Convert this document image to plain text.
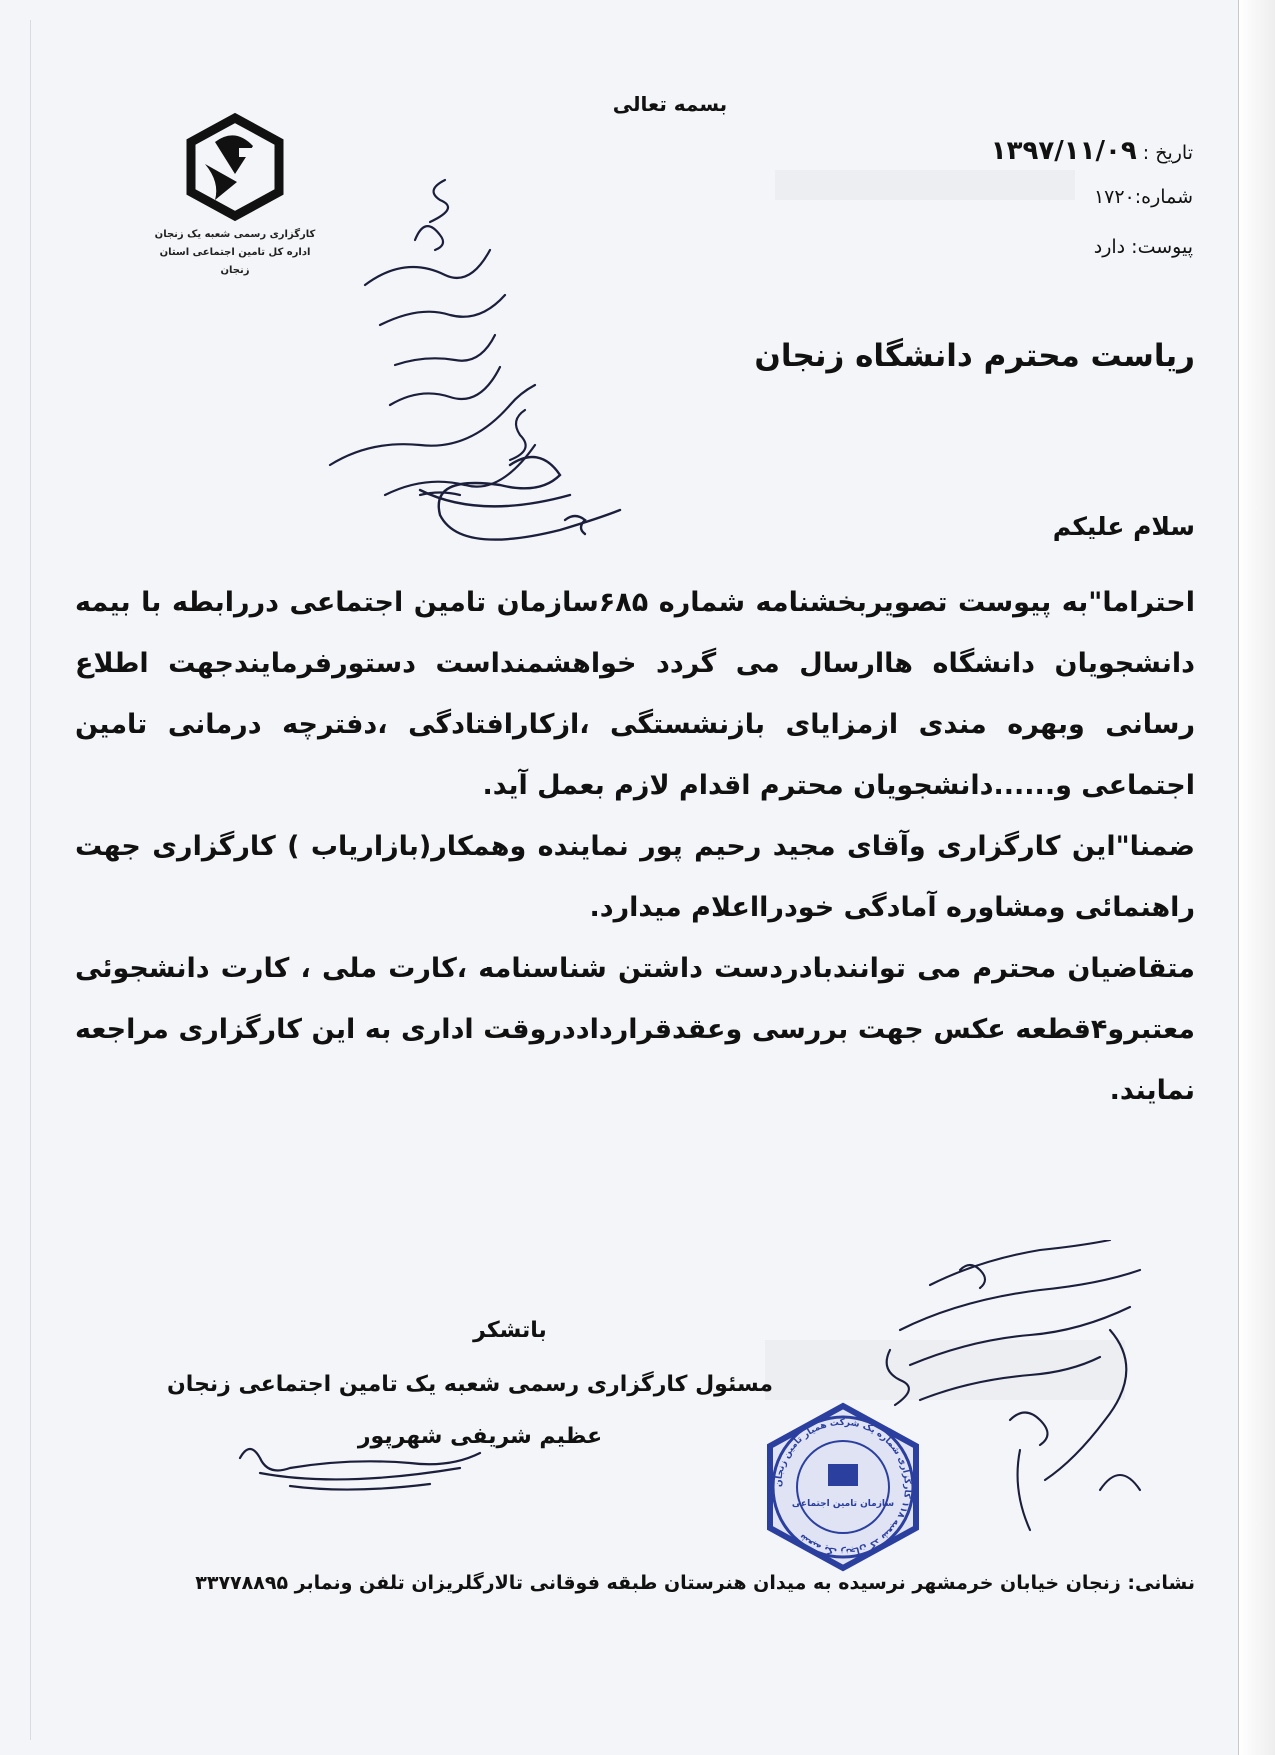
بسمه تعالی
تاریخ : ۱۳۹۷/۱۱/۰۹
شماره:۱۷۲۰
پیوست: دارد
کارگزاری رسمی شعبه یک زنجان
اداره کل تامین اجتماعی استان زنجان
ریاست محترم دانشگاه زنجان
سلام علیکم

احتراما"به پیوست تصویربخشنامه شماره ۶۸۵سازمان تامین اجتماعی دررابطه با بیمه دانشجویان دانشگاه هاارسال می گردد خواهشمنداست دستورفرمایندجهت اطلاع رسانی وبهره مندی ازمزایای بازنشستگی ،ازکارافتادگی ،دفترچه درمانی تامین اجتماعی و......دانشجویان محترم اقدام لازم بعمل آید.

ضمنا"این کارگزاری وآقای مجید رحیم پور نماینده وهمکار(بازاریاب ) کارگزاری جهت راهنمائی ومشاوره آمادگی خودرااعلام میدارد.

متقاضیان محترم می توانندبادردست داشتن شناسنامه ،کارت ملی ، کارت دانشجوئی معتبرو۴قطعه عکس جهت بررسی وعقدقرارداددروقت اداری به این کارگزاری مراجعه نمایند.

باتشکر
مسئول کارگزاری رسمی شعبه یک تامین اجتماعی زنجان
عظیم شریفی شهرپور
شعبه یک زنجان کد شعبه ۱۱۸ کارگزاری شماره یک شرکت همیار تامین زنجان
سازمان تامین اجتماعی
نشانی: زنجان خیابان خرمشهر نرسیده به میدان هنرستان طبقه فوقانی تالارگلریزان تلفن ونمابر ۳۳۷۷۸۸۹۵
